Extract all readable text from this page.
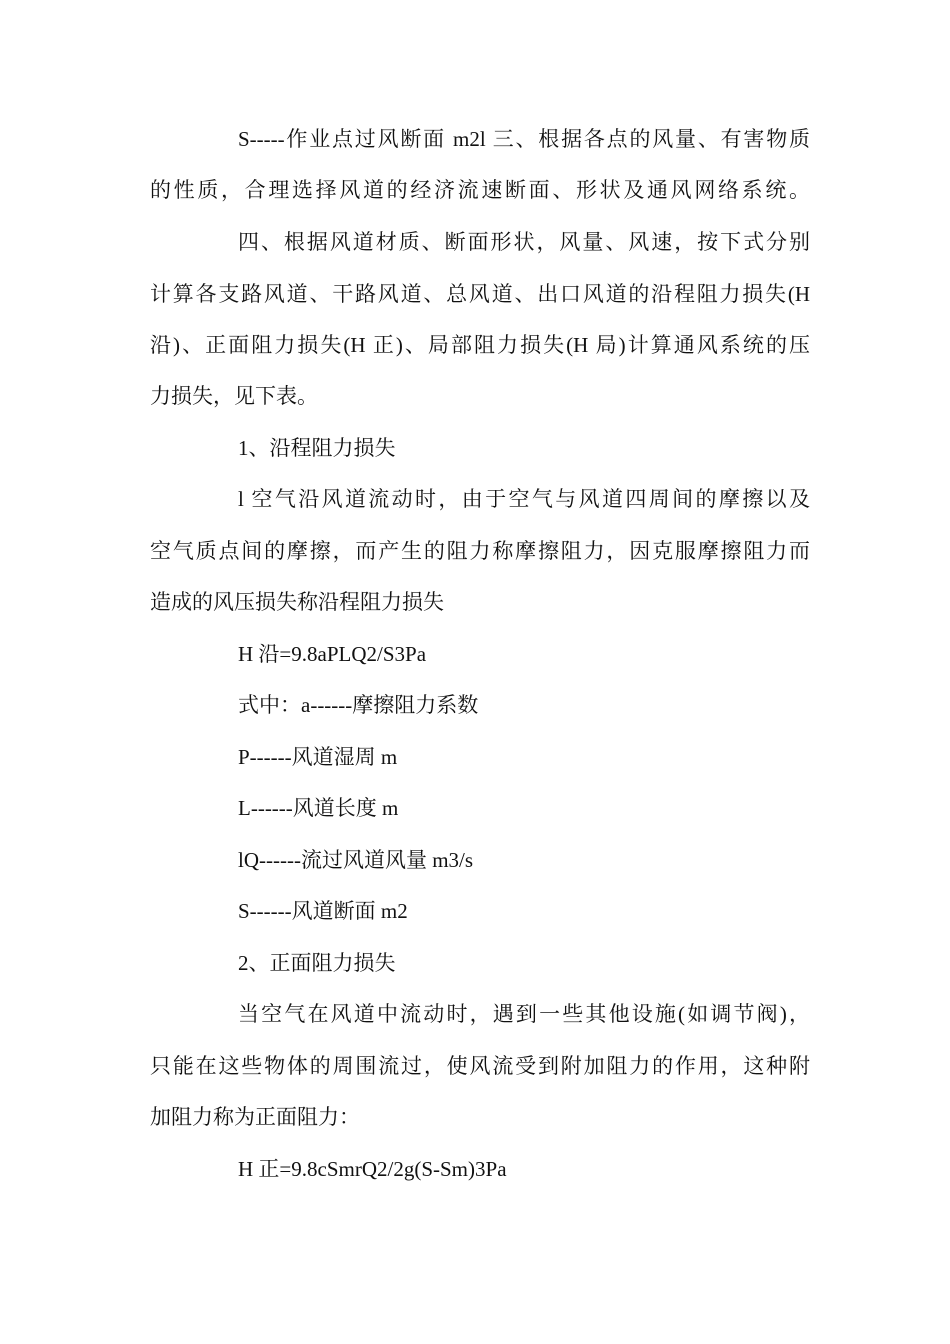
S-----作业点过风断面 m2l 三、根据各点的风量、有害物质
的性质，合理选择风道的经济流速断面、形状及通风网络系统。
四、根据风道材质、断面形状，风量、风速，按下式分别
计算各支路风道、干路风道、总风道、出口风道的沿程阻力损失(H
沿)、正面阻力损失(H 正)、局部阻力损失(H 局)计算通风系统的压
力损失，见下表。
1、沿程阻力损失
l 空气沿风道流动时，由于空气与风道四周间的摩擦以及
空气质点间的摩擦，而产生的阻力称摩擦阻力，因克服摩擦阻力而
造成的风压损失称沿程阻力损失
H 沿=9.8aPLQ2/S3Pa
式中：a------摩擦阻力系数
P------风道湿周 m
L------风道长度 m
lQ------流过风道风量 m3/s
S------风道断面 m2
2、正面阻力损失
当空气在风道中流动时，遇到一些其他设施(如调节阀)，
只能在这些物体的周围流过，使风流受到附加阻力的作用，这种附
加阻力称为正面阻力：
H 正=9.8cSmrQ2/2g(S-Sm)3Pa
